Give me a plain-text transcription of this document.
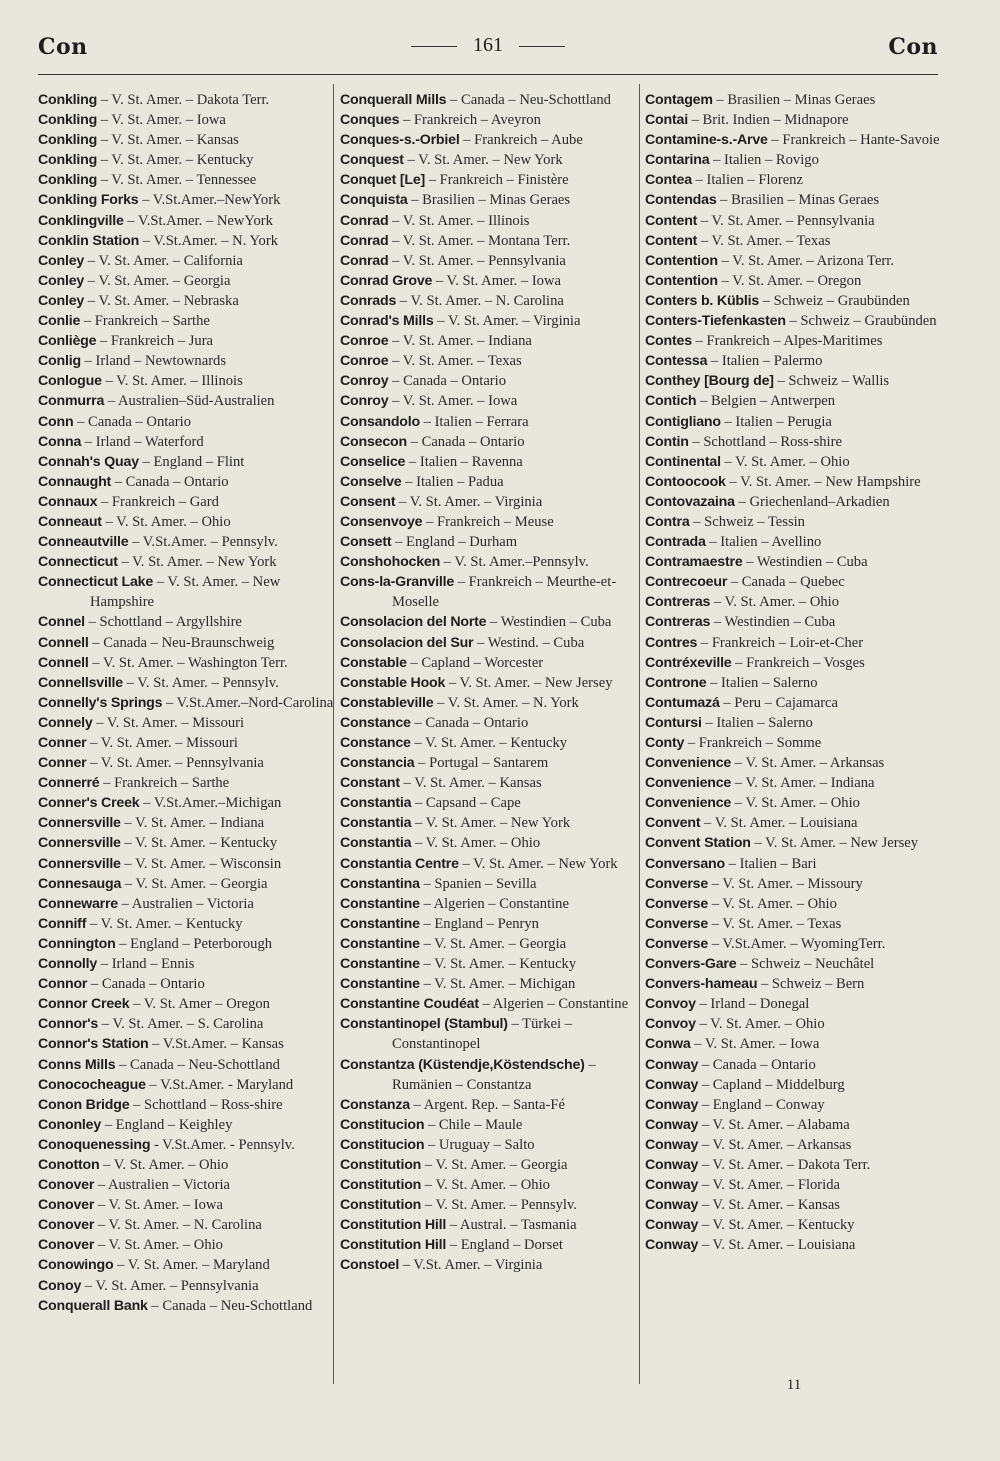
Con	161	Con
Conkling – V. St. Amer. – Dakota Terr.
Conkling – V. St. Amer. – Iowa
Conkling – V. St. Amer. – Kansas
Conkling – V. St. Amer. – Kentucky
Conkling – V. St. Amer. – Tennessee
Conkling Forks – V.St.Amer.–NewYork
Conklingville – V.St.Amer. – NewYork
Conklin Station – V.St.Amer. – N. York
Conley – V. St. Amer. – California
Conley – V. St. Amer. – Georgia
Conley – V. St. Amer. – Nebraska
Conlie – Frankreich – Sarthe
Conliège – Frankreich – Jura
Conlig – Irland – Newtownards
Conlogue – V. St. Amer. – Illinois
Conmurra – Australien–Süd-Australien
Conn – Canada – Ontario
Conna – Irland – Waterford
Connah's Quay – England – Flint
Connaught – Canada – Ontario
Connaux – Frankreich – Gard
Conneaut – V. St. Amer. – Ohio
Conneautville – V.St.Amer. – Pennsylv.
Connecticut – V. St. Amer. – New York
Connecticut Lake – V. St. Amer. – New Hampshire
Connel – Schottland – Argyllshire
Connell – Canada – Neu-Braunschweig
Connell – V. St. Amer. – Washington Terr.
Connellsville – V. St. Amer. – Pennsylv.
Connelly's Springs – V.St.Amer.–Nord-Carolina
Connely – V. St. Amer. – Missouri
Conner – V. St. Amer. – Missouri
Conner – V. St. Amer. – Pennsylvania
Connerré – Frankreich – Sarthe
Conner's Creek – V.St.Amer.–Michigan
Connersville – V. St. Amer. – Indiana
Connersville – V. St. Amer. – Kentucky
Connersville – V. St. Amer. – Wisconsin
Connesauga – V. St. Amer. – Georgia
Connewarre – Australien – Victoria
Conniff – V. St. Amer. – Kentucky
Connington – England – Peterborough
Connolly – Irland – Ennis
Connor – Canada – Ontario
Connor Creek – V. St. Amer – Oregon
Connor's – V. St. Amer. – S. Carolina
Connor's Station – V.St.Amer. – Kansas
Conns Mills – Canada – Neu-Schottland
Conococheague – V.St.Amer. - Maryland
Conon Bridge – Schottland – Ross-shire
Cononley – England – Keighley
Conoquenessing - V.St.Amer. - Pennsylv.
Conotton – V. St. Amer. – Ohio
Conover – Australien – Victoria
Conover – V. St. Amer. – Iowa
Conover – V. St. Amer. – N. Carolina
Conover – V. St. Amer. – Ohio
Conowingo – V. St. Amer. – Maryland
Conoy – V. St. Amer. – Pennsylvania
Conquerall Bank – Canada – Neu-Schottland
Conquerall Mills – Canada – Neu-Schottland
Conques – Frankreich – Aveyron
Conques-s.-Orbiel – Frankreich – Aube
Conquest – V. St. Amer. – New York
Conquet [Le] – Frankreich – Finistère
Conquista – Brasilien – Minas Geraes
Conrad – V. St. Amer. – Illinois
Conrad – V. St. Amer. – Montana Terr.
Conrad – V. St. Amer. – Pennsylvania
Conrad Grove – V. St. Amer. – Iowa
Conrads – V. St. Amer. – N. Carolina
Conrad's Mills – V. St. Amer. – Virginia
Conroe – V. St. Amer. – Indiana
Conroe – V. St. Amer. – Texas
Conroy – Canada – Ontario
Conroy – V. St. Amer. – Iowa
Consandolo – Italien – Ferrara
Consecon – Canada – Ontario
Conselice – Italien – Ravenna
Conselve – Italien – Padua
Consent – V. St. Amer. – Virginia
Consenvoye – Frankreich – Meuse
Consett – England – Durham
Conshohocken – V. St. Amer.–Pennsylv.
Cons-la-Granville – Frankreich – Meurthe-et-Moselle
Consolacion del Norte – Westindien – Cuba
Consolacion del Sur – Westind. – Cuba
Constable – Capland – Worcester
Constable Hook – V. St. Amer. – New Jersey
Constableville – V. St. Amer. – N. York
Constance – Canada – Ontario
Constance – V. St. Amer. – Kentucky
Constancia – Portugal – Santarem
Constant – V. St. Amer. – Kansas
Constantia – Capsand – Cape
Constantia – V. St. Amer. – New York
Constantia – V. St. Amer. – Ohio
Constantia Centre – V. St. Amer. – New York
Constantina – Spanien – Sevilla
Constantine – Algerien – Constantine
Constantine – England – Penryn
Constantine – V. St. Amer. – Georgia
Constantine – V. St. Amer. – Kentucky
Constantine – V. St. Amer. – Michigan
Constantine Coudéat – Algerien – Constantine
Constantinopel (Stambul) – Türkei – Constantinopel
Constantza (Küstendje,Köstendsche) – Rumänien – Constantza
Constanza – Argent. Rep. – Santa-Fé
Constitucion – Chile – Maule
Constitucion – Uruguay – Salto
Constitution – V. St. Amer. – Georgia
Constitution – V. St. Amer. – Ohio
Constitution – V. St. Amer. – Pennsylv.
Constitution Hill – Austral. – Tasmania
Constitution Hill – England – Dorset
Constoel – V.St. Amer. – Virginia
Contagem – Brasilien – Minas Geraes
Contai – Brit. Indien – Midnapore
Contamine-s.-Arve – Frankreich – Hante-Savoie
Contarina – Italien – Rovigo
Contea – Italien – Florenz
Contendas – Brasilien – Minas Geraes
Content – V. St. Amer. – Pennsylvania
Content – V. St. Amer. – Texas
Contention – V. St. Amer. – Arizona Terr.
Contention – V. St. Amer. – Oregon
Conters b. Küblis – Schweiz – Graubünden
Conters-Tiefenkasten – Schweiz – Graubünden
Contes – Frankreich – Alpes-Maritimes
Contessa – Italien – Palermo
Conthey [Bourg de] – Schweiz – Wallis
Contich – Belgien – Antwerpen
Contigliano – Italien – Perugia
Contin – Schottland – Ross-shire
Continental – V. St. Amer. – Ohio
Contoocook – V. St. Amer. – New Hampshire
Contovazaina – Griechenland–Arkadien
Contra – Schweiz – Tessin
Contrada – Italien – Avellino
Contramaestre – Westindien – Cuba
Contrecoeur – Canada – Quebec
Contreras – V. St. Amer. – Ohio
Contreras – Westindien – Cuba
Contres – Frankreich – Loir-et-Cher
Contréxeville – Frankreich – Vosges
Controne – Italien – Salerno
Contumazá – Peru – Cajamarca
Contursi – Italien – Salerno
Conty – Frankreich – Somme
Convenience – V. St. Amer. – Arkansas
Convenience – V. St. Amer. – Indiana
Convenience – V. St. Amer. – Ohio
Convent – V. St. Amer. – Louisiana
Convent Station – V. St. Amer. – New Jersey
Conversano – Italien – Bari
Converse – V. St. Amer. – Missoury
Converse – V. St. Amer. – Ohio
Converse – V. St. Amer. – Texas
Converse – V.St.Amer. – WyomingTerr.
Convers-Gare – Schweiz – Neuchâtel
Convers-hameau – Schweiz – Bern
Convoy – Irland – Donegal
Convoy – V. St. Amer. – Ohio
Conwa – V. St. Amer. – Iowa
Conway – Canada – Ontario
Conway – Capland – Middelburg
Conway – England – Conway
Conway – V. St. Amer. – Alabama
Conway – V. St. Amer. – Arkansas
Conway – V. St. Amer. – Dakota Terr.
Conway – V. St. Amer. – Florida
Conway – V. St. Amer. – Kansas
Conway – V. St. Amer. – Kentucky
Conway – V. St. Amer. – Louisiana
11
